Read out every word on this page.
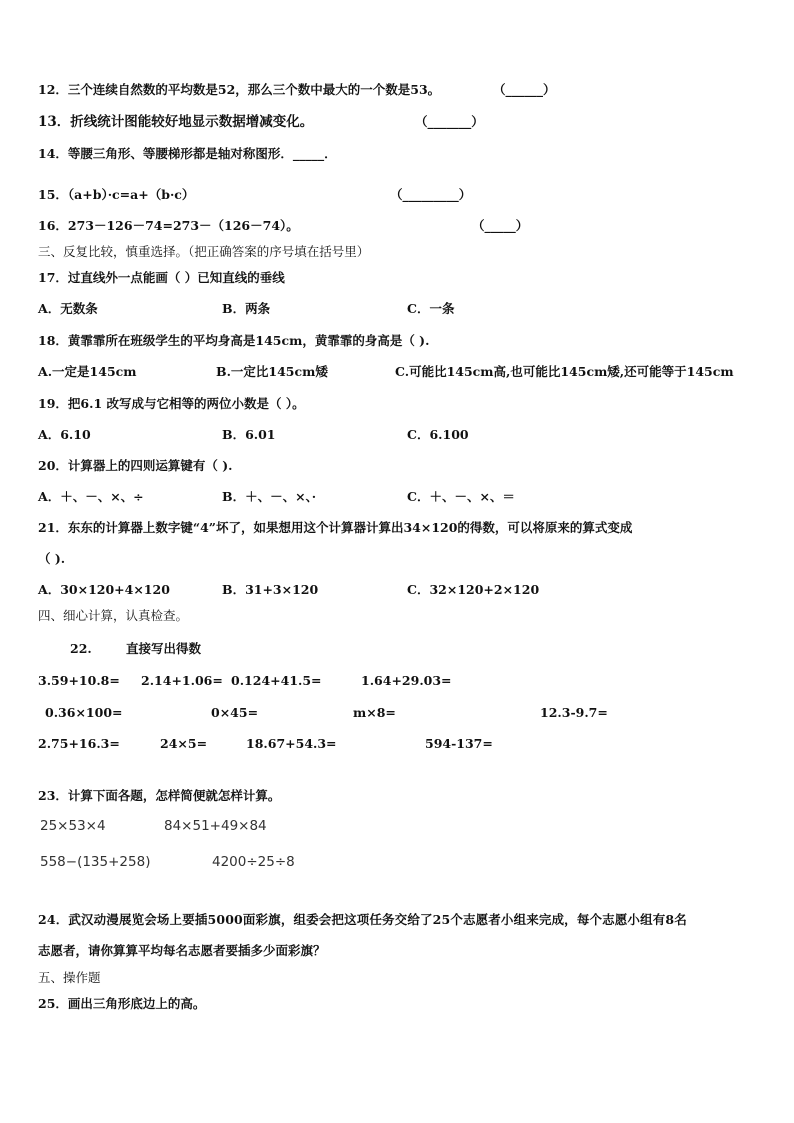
12．三个连续自然数的平均数是52，那么三个数中最大的一个数是53。	（______）
13．折线统计图能较好地显示数据增减变化。	（_______）
14．等腰三角形、等腰梯形都是轴对称图形．_____．
15．（a+b）·c=a+（b·c）	（_________）
16．273－126－74=273－（126－74）。	（_____）
三、反复比较，慎重选择。（把正确答案的序号填在括号里）
17．过直线外一点能画（ ）已知直线的垂线
A．无数条	B．两条	C．一条
18．黄霏霏所在班级学生的平均身高是145cm，黄霏霏的身高是（ ).
A.一定是145cm	B.一定比145cm矮	C.可能比145cm高,也可能比145cm矮,还可能等于145cm
19．把6.1 改写成与它相等的两位小数是（ ）。
A．6.10	B．6.01	C．6.100
20．计算器上的四则运算键有（ ).
A．＋、－、×、÷	B．＋、－、×、·	C．＋、－、×、＝
21．东东的计算器上数字键“4”坏了，如果想用这个计算器计算出34×120的得数，可以将原来的算式变成
（ ).
A．30×120+4×120	B．31+3×120	C．32×120+2×120
四、细心计算，认真检查。
22.	直接写出得数
3.59+10.8= 2.14+1.06= 0.124+41.5=	1.64+29.03=
0.36×100=	0×45=	m×8=	12.3-9.7=
2.75+16.3=	24×5=	18.67+54.3=	594-137=
23．计算下面各题，怎样简便就怎样计算。
25×53×4	84×51+49×84
558−(135+258)	4200÷25÷8
24．武汉动漫展览会场上要插5000面彩旗，组委会把这项任务交给了25个志愿者小组来完成，每个志愿小组有8名
志愿者，请你算算平均每名志愿者要插多少面彩旗？
五、操作题
25．画出三角形底边上的高。
